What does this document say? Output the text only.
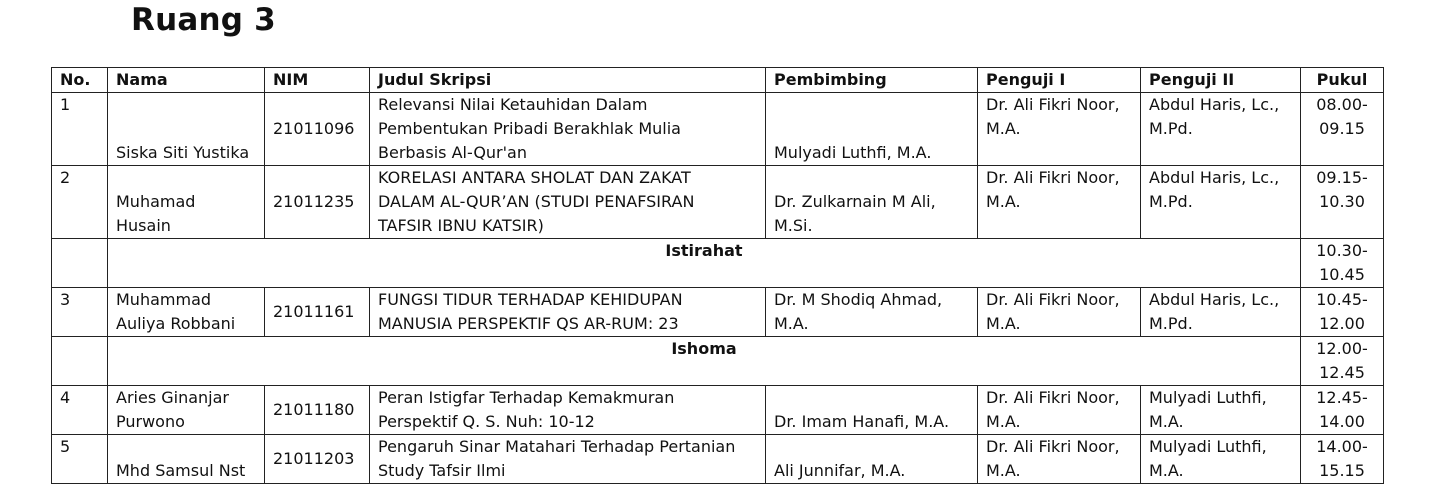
Ruang 3
No.	Nama	NIM	Judul Skripsi	Pembimbing	Penguji I	Penguji II	Pukul
1	Siska Siti Yustika	21011096	Relevansi Nilai Ketauhidan Dalam
Pembentukan Pribadi Berakhlak Mulia
Berbasis Al-Qur'an	Mulyadi Luthfi, M.A.	Dr. Ali Fikri Noor,
M.A.	Abdul Haris, Lc.,
M.Pd.	08.00-
09.15

2	Muhamad
Husain	21011235	KORELASI ANTARA SHOLAT DAN ZAKAT
DALAM AL-QUR’AN (STUDI PENAFSIRAN
TAFSIR IBNU KATSIR)	Dr. Zulkarnain M Ali,
M.Si.	Dr. Ali Fikri Noor,
M.A.	Abdul Haris, Lc.,
M.Pd.	09.15-
10.30

	Istirahat						10.30-
10.45

3	Muhammad
Auliya Robbani	21011161	FUNGSI TIDUR TERHADAP KEHIDUPAN
MANUSIA PERSPEKTIF QS AR-RUM: 23	Dr. M Shodiq Ahmad,
M.A.	Dr. Ali Fikri Noor,
M.A.	Abdul Haris, Lc.,
M.Pd.	10.45-
12.00

	Ishoma						12.00-
12.45

4	Aries Ginanjar
Purwono	21011180	Peran Istigfar Terhadap Kemakmuran
Perspektif Q. S. Nuh: 10-12	Dr. Imam Hanafi, M.A.	Dr. Ali Fikri Noor,
M.A.	Mulyadi Luthfi,
M.A.	12.45-
14.00

5	Mhd Samsul Nst	21011203	Pengaruh Sinar Matahari Terhadap Pertanian
Study Tafsir Ilmi	Ali Junnifar, M.A.	Dr. Ali Fikri Noor,
M.A.	Mulyadi Luthfi,
M.A.	14.00-
15.15
